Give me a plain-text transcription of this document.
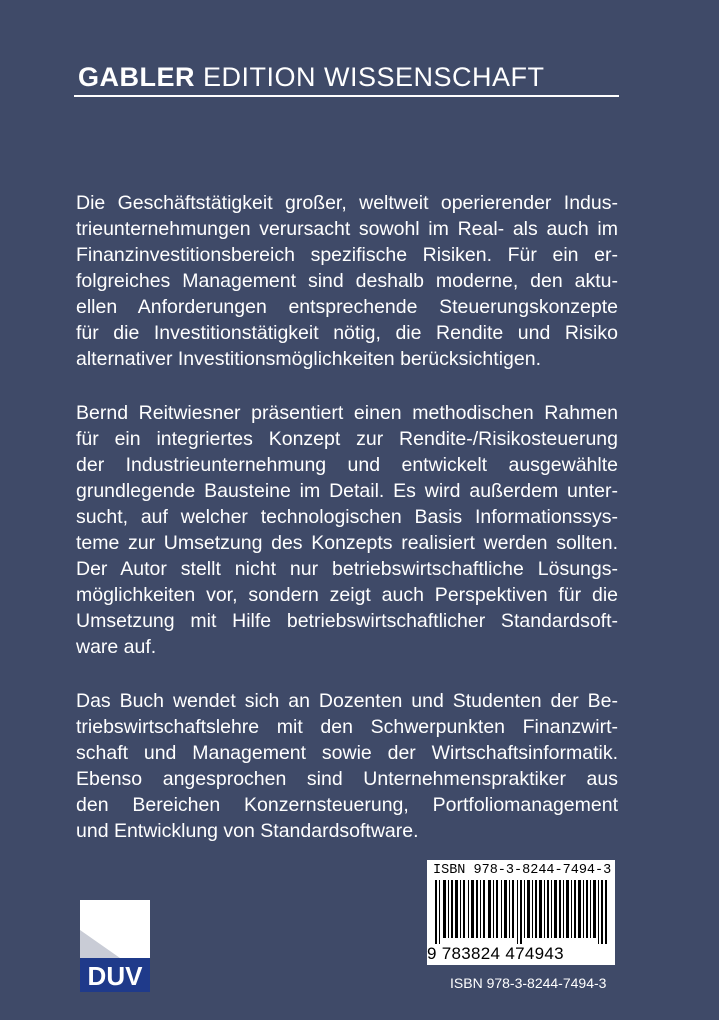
GABLER EDITION WISSENSCHAFT

Die Geschäftstätigkeit großer, weltweit operierender Indus-
trieunternehmungen verursacht sowohl im Real- als auch im
Finanzinvestitionsbereich spezifische Risiken. Für ein er-
folgreiches Management sind deshalb moderne, den aktu-
ellen Anforderungen entsprechende Steuerungskonzepte
für die Investitionstätigkeit nötig, die Rendite und Risiko
alternativer Investitionsmöglichkeiten berücksichtigen.

Bernd Reitwiesner präsentiert einen methodischen Rahmen
für ein integriertes Konzept zur Rendite-/Risikosteuerung
der Industrieunternehmung und entwickelt ausgewählte
grundlegende Bausteine im Detail. Es wird außerdem unter-
sucht, auf welcher technologischen Basis Informationssys-
teme zur Umsetzung des Konzepts realisiert werden sollten.
Der Autor stellt nicht nur betriebswirtschaftliche Lösungs-
möglichkeiten vor, sondern zeigt auch Perspektiven für die
Umsetzung mit Hilfe betriebswirtschaftlicher Standardsoft-
ware auf.

Das Buch wendet sich an Dozenten und Studenten der Be-
triebswirtschaftslehre mit den Schwerpunkten Finanzwirt-
schaft und Management sowie der Wirtschaftsinformatik.
Ebenso angesprochen sind Unternehmenspraktiker aus
den Bereichen Konzernsteuerung, Portfoliomanagement
und Entwicklung von Standardsoftware.

DUV
ISBN 978-3-8244-7494-3
9 783824 474943
ISBN 978-3-8244-7494-3
